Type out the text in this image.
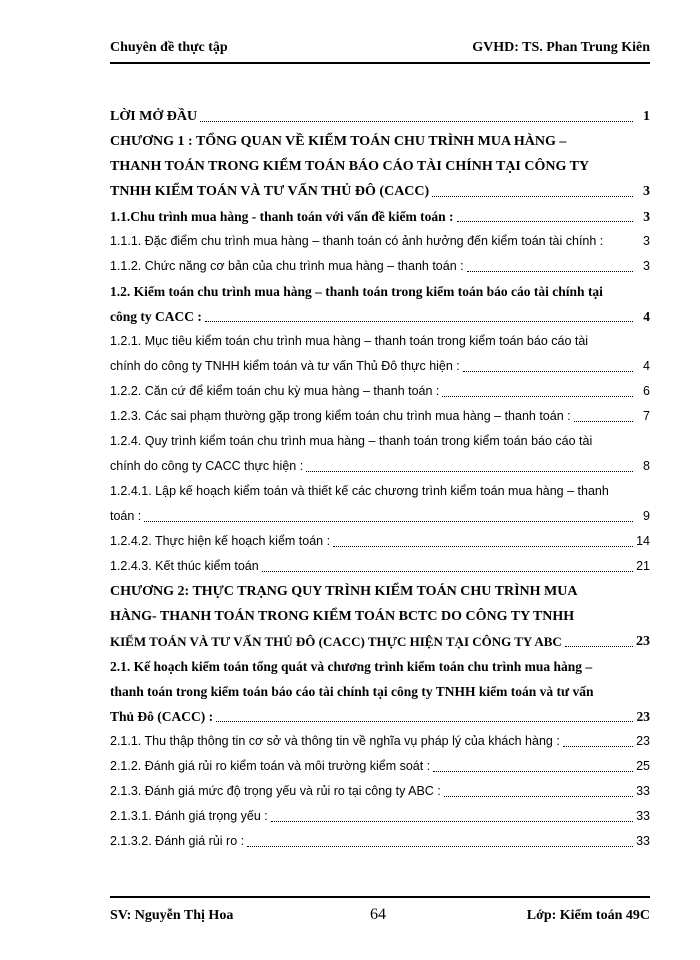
Chuyên đề thực tập	GVHD: TS. Phan Trung Kiên
LỜI MỞ ĐẦU	1
CHƯƠNG 1 : TỔNG QUAN VỀ KIỂM TOÁN CHU TRÌNH MUA HÀNG –
THANH TOÁN TRONG KIỂM TOÁN BÁO CÁO TÀI CHÍNH TẠI CÔNG TY
TNHH KIỂM TOÁN VÀ TƯ VẤN THỦ ĐÔ (CACC)	3
1.1.Chu trình mua hàng - thanh toán với vấn đề kiểm toán :	3
1.1.1. Đặc điểm chu trình mua hàng – thanh toán có ảnh hưởng đến kiểm toán tài chính :	3
1.1.2. Chức năng cơ bản của chu trình mua hàng – thanh toán :	3
1.2. Kiểm toán chu trình mua hàng – thanh toán trong kiểm toán báo cáo tài chính tại
công ty CACC :	4
1.2.1. Mục tiêu kiểm toán chu trình mua hàng – thanh toán trong kiểm toán báo cáo tài
chính do công ty TNHH kiểm toán và tư vấn Thủ Đô thực hiện :	4
1.2.2. Căn cứ để kiểm toán chu kỳ mua hàng – thanh toán :	6
1.2.3. Các sai phạm thường gặp trong kiểm toán chu trình mua hàng – thanh toán :	7
1.2.4. Quy trình kiểm toán chu trình mua hàng – thanh toán trong kiểm toán báo cáo tài
chính do công ty CACC thực hiện :	8
1.2.4.1. Lập kế hoạch kiểm toán và thiết kế các chương trình kiểm toán mua hàng – thanh
toán :	9
1.2.4.2. Thực hiện kế hoạch kiểm toán :	14
1.2.4.3. Kết thúc kiểm toán	21
CHƯƠNG 2: THỰC TRẠNG QUY TRÌNH KIỂM TOÁN CHU TRÌNH MUA
HÀNG- THANH TOÁN TRONG KIỂM TOÁN BCTC DO CÔNG TY TNHH
KIỂM TOÁN VÀ TƯ VẤN THỦ ĐÔ (CACC) THỰC HIỆN TẠI CÔNG TY ABC	23
2.1. Kế hoạch kiểm toán tổng quát và chương trình kiểm toán chu trình mua hàng –
thanh toán trong kiểm toán báo cáo tài chính tại công ty TNHH kiểm toán và tư vấn
Thủ Đô (CACC) :	23
2.1.1. Thu thập thông tin cơ sở và thông tin về nghĩa vụ pháp lý của khách hàng :	23
2.1.2. Đánh giá rủi ro kiểm toán và môi trường kiểm soát :	25
2.1.3. Đánh giá mức độ trọng yếu và rủi ro tại công ty ABC :	33
2.1.3.1. Đánh giá trọng yếu :	33
2.1.3.2. Đánh giá rủi ro :	33
SV: Nguyễn Thị Hoa	64	Lớp: Kiểm toán 49C
